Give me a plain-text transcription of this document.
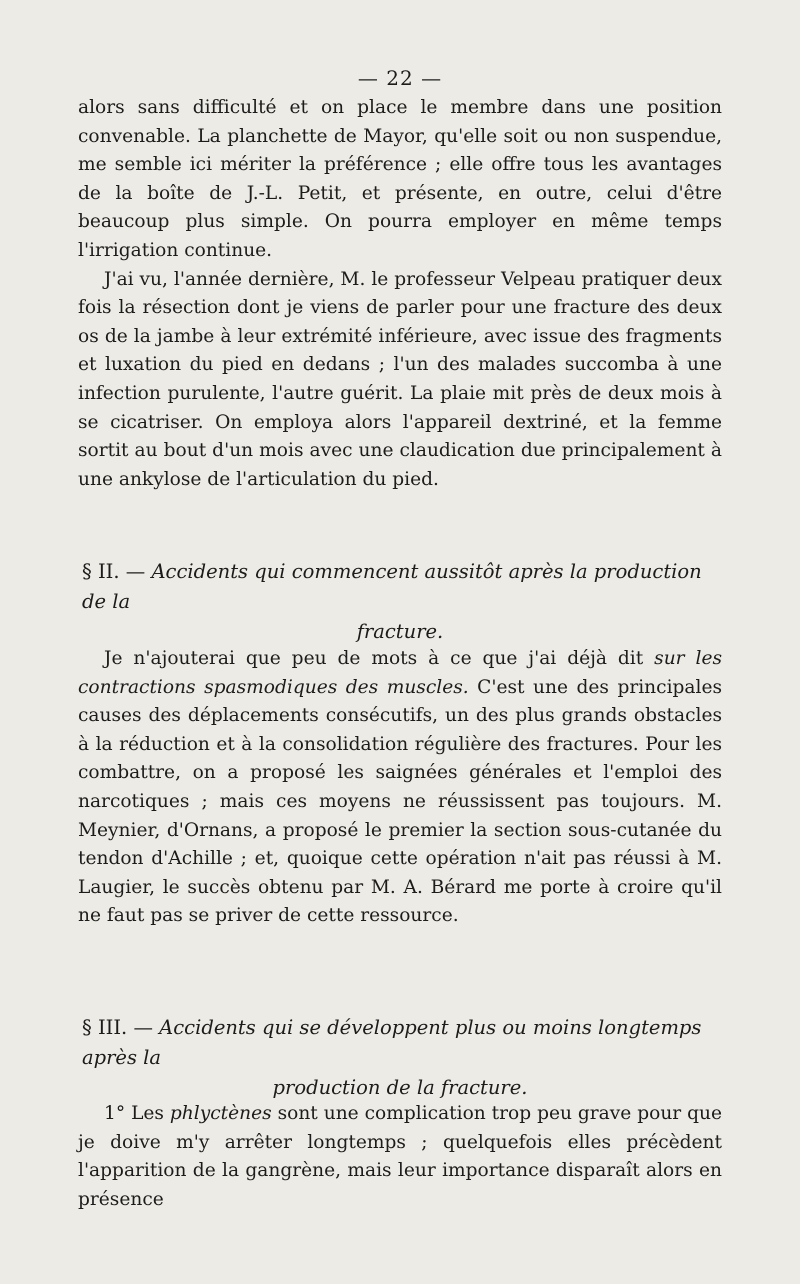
— 22 —

alors sans difficulté et on place le membre dans une position convenable. La planchette de Mayor, qu'elle soit ou non suspendue, me semble ici mériter la préférence ; elle offre tous les avantages de la boîte de J.-L. Petit, et présente, en outre, celui d'être beaucoup plus simple. On pourra employer en même temps l'irrigation continue.

J'ai vu, l'année dernière, M. le professeur Velpeau pratiquer deux fois la résection dont je viens de parler pour une fracture des deux os de la jambe à leur extrémité inférieure, avec issue des fragments et luxation du pied en dedans ; l'un des malades succomba à une infection purulente, l'autre guérit. La plaie mit près de deux mois à se cicatriser. On employa alors l'appareil dextriné, et la femme sortit au bout d'un mois avec une claudication due principalement à une ankylose de l'articulation du pied.

§ II. — Accidents qui commencent aussitôt après la production de la
fracture.

Je n'ajouterai que peu de mots à ce que j'ai déjà dit sur les contractions spasmodiques des muscles. C'est une des principales causes des déplacements consécutifs, un des plus grands obstacles à la réduction et à la consolidation régulière des fractures. Pour les combattre, on a proposé les saignées générales et l'emploi des narcotiques ; mais ces moyens ne réussissent pas toujours. M. Meynier, d'Ornans, a proposé le premier la section sous-cutanée du tendon d'Achille ; et, quoique cette opération n'ait pas réussi à M. Laugier, le succès obtenu par M. A. Bérard me porte à croire qu'il ne faut pas se priver de cette ressource.

§ III. — Accidents qui se développent plus ou moins longtemps après la
production de la fracture.

1° Les phlyctènes sont une complication trop peu grave pour que je doive m'y arrêter longtemps ; quelquefois elles précèdent l'apparition de la gangrène, mais leur importance disparaît alors en présence
